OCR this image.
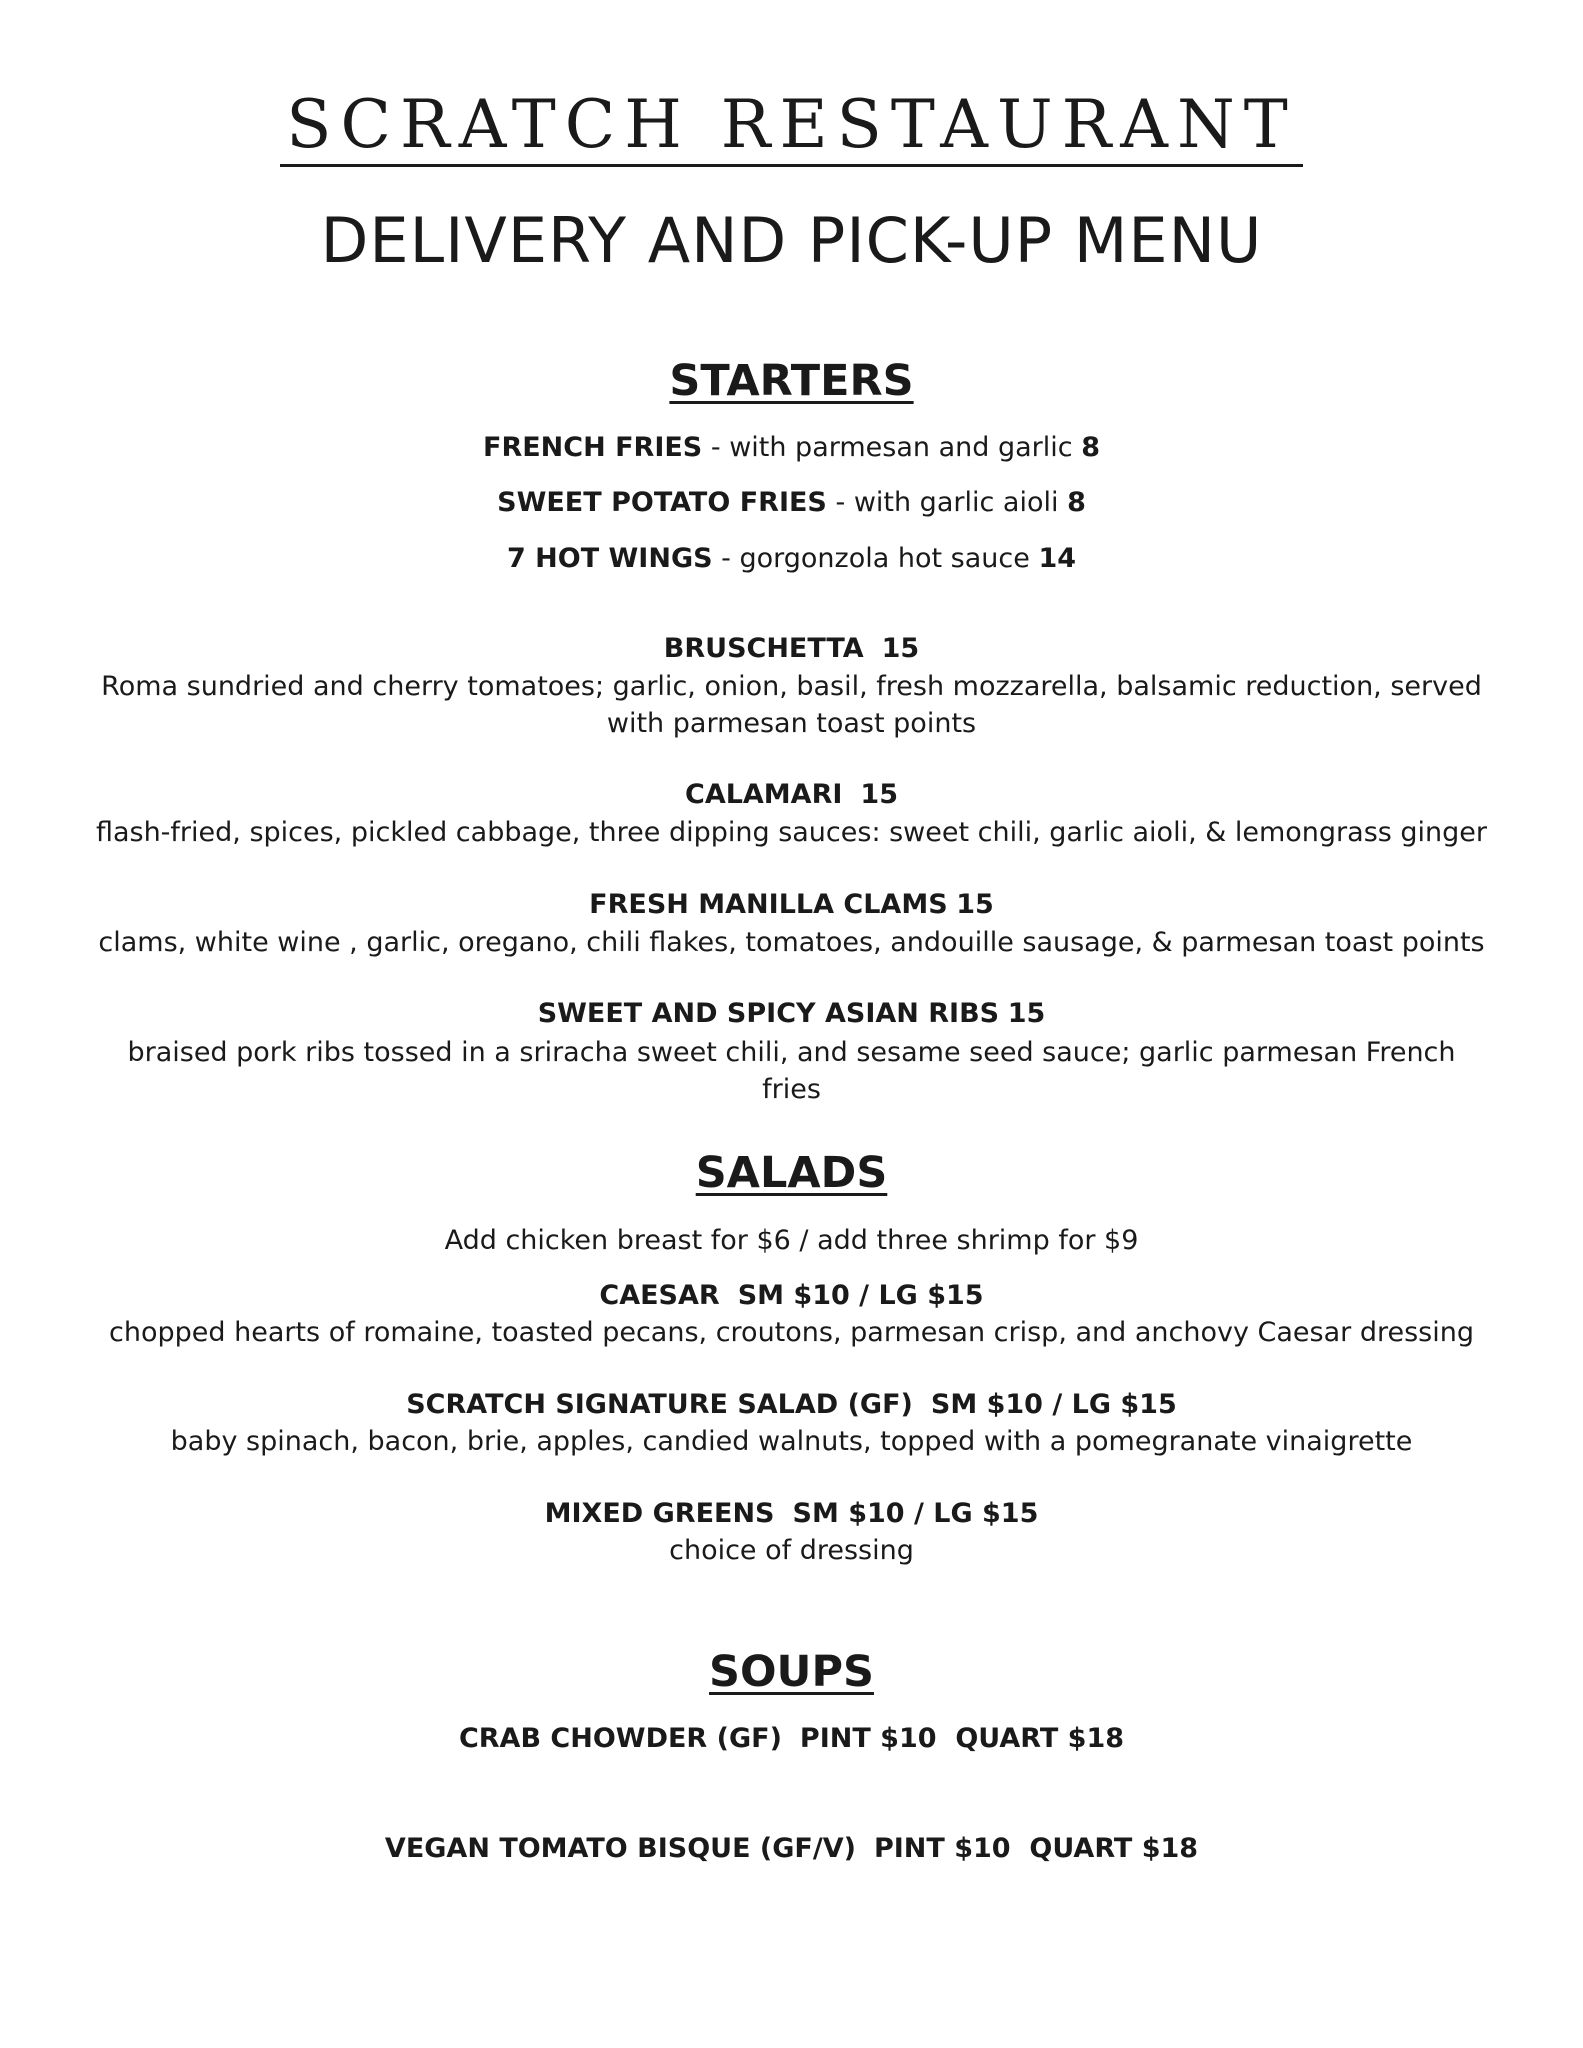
SCRATCH RESTAURANT
DELIVERY AND PICK-UP MENU
STARTERS
FRENCH FRIES - with parmesan and garlic 8
SWEET POTATO FRIES - with garlic aioli 8
7 HOT WINGS - gorgonzola hot sauce 14
BRUSCHETTA 15
Roma sundried and cherry tomatoes; garlic, onion, basil, fresh mozzarella, balsamic reduction, served with parmesan toast points
CALAMARI 15
flash-fried, spices, pickled cabbage, three dipping sauces: sweet chili, garlic aioli, & lemongrass ginger
FRESH MANILLA CLAMS 15
clams, white wine , garlic, oregano, chili flakes, tomatoes, andouille sausage, & parmesan toast points
SWEET AND SPICY ASIAN RIBS 15
braised pork ribs tossed in a sriracha sweet chili, and sesame seed sauce; garlic parmesan French fries
SALADS
Add chicken breast for $6 / add three shrimp for $9
CAESAR SM $10 / LG $15
chopped hearts of romaine, toasted pecans, croutons, parmesan crisp, and anchovy Caesar dressing
SCRATCH SIGNATURE SALAD (GF) SM $10 / LG $15
baby spinach, bacon, brie, apples, candied walnuts, topped with a pomegranate vinaigrette
MIXED GREENS SM $10 / LG $15
choice of dressing
SOUPS
CRAB CHOWDER (GF) PINT $10  QUART $18
VEGAN TOMATO BISQUE (GF/V) PINT $10  QUART $18
